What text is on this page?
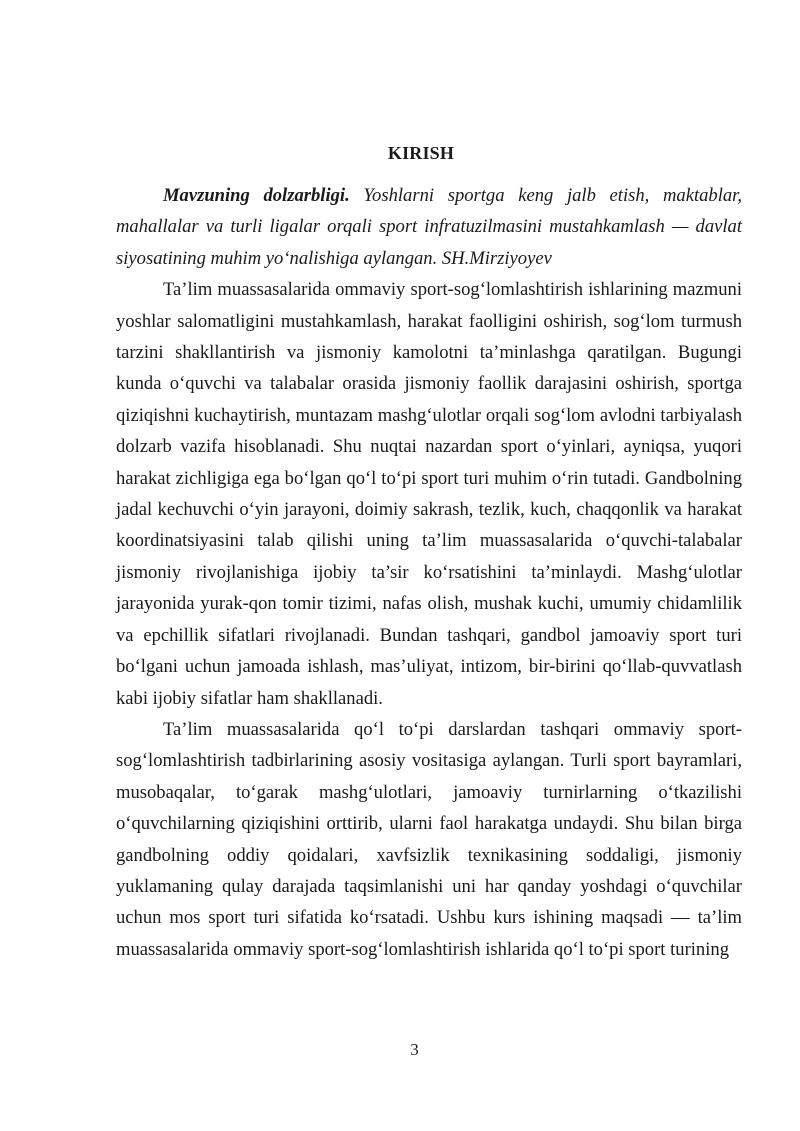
KIRISH

Mavzuning dolzarbligi. Yoshlarni sportga keng jalb etish, maktablar, mahallalar va turli ligalar orqali sport infratuzilmasini mustahkamlash — davlat siyosatining muhim yo‘nalishiga aylangan. SH.Mirziyoyev

Ta’lim muassasalarida ommaviy sport-sog‘lomlashtirish ishlarining mazmuni yoshlar salomatligini mustahkamlash, harakat faolligini oshirish, sog‘lom turmush tarzini shakllantirish va jismoniy kamolotni ta’minlashga qaratilgan. Bugungi kunda o‘quvchi va talabalar orasida jismoniy faollik darajasini oshirish, sportga qiziqishni kuchaytirish, muntazam mashg‘ulotlar orqali sog‘lom avlodni tarbiyalash dolzarb vazifa hisoblanadi. Shu nuqtai nazardan sport o‘yinlari, ayniqsa, yuqori harakat zichligiga ega bo‘lgan qo‘l to‘pi sport turi muhim o‘rin tutadi. Gandbolning jadal kechuvchi o‘yin jarayoni, doimiy sakrash, tezlik, kuch, chaqqonlik va harakat koordinatsiyasini talab qilishi uning ta’lim muassasalarida o‘quvchi-talabalar jismoniy rivojlanishiga ijobiy ta’sir ko‘rsatishini ta’minlaydi. Mashg‘ulotlar jarayonida yurak-qon tomir tizimi, nafas olish, mushak kuchi, umumiy chidamlilik va epchillik sifatlari rivojlanadi. Bundan tashqari, gandbol jamoaviy sport turi bo‘lgani uchun jamoada ishlash, mas’uliyat, intizom, bir-birini qo‘llab-quvvatlash kabi ijobiy sifatlar ham shakllanadi.

Ta’lim muassasalarida qo‘l to‘pi darslardan tashqari ommaviy sport-sog‘lomlashtirish tadbirlarining asosiy vositasiga aylangan. Turli sport bayramlari, musobaqalar, to‘garak mashg‘ulotlari, jamoaviy turnirlarning o‘tkazilishi o‘quvchilarning qiziqishini orttirib, ularni faol harakatga undaydi. Shu bilan birga gandbolning oddiy qoidalari, xavfsizlik texnikasining soddaligi, jismoniy yuklamaning qulay darajada taqsimlanishi uni har qanday yoshdagi o‘quvchilar uchun mos sport turi sifatida ko‘rsatadi. Ushbu kurs ishining maqsadi — ta’lim muassasalarida ommaviy sport-sog‘lomlashtirish ishlarida qo‘l to‘pi sport turining

3
